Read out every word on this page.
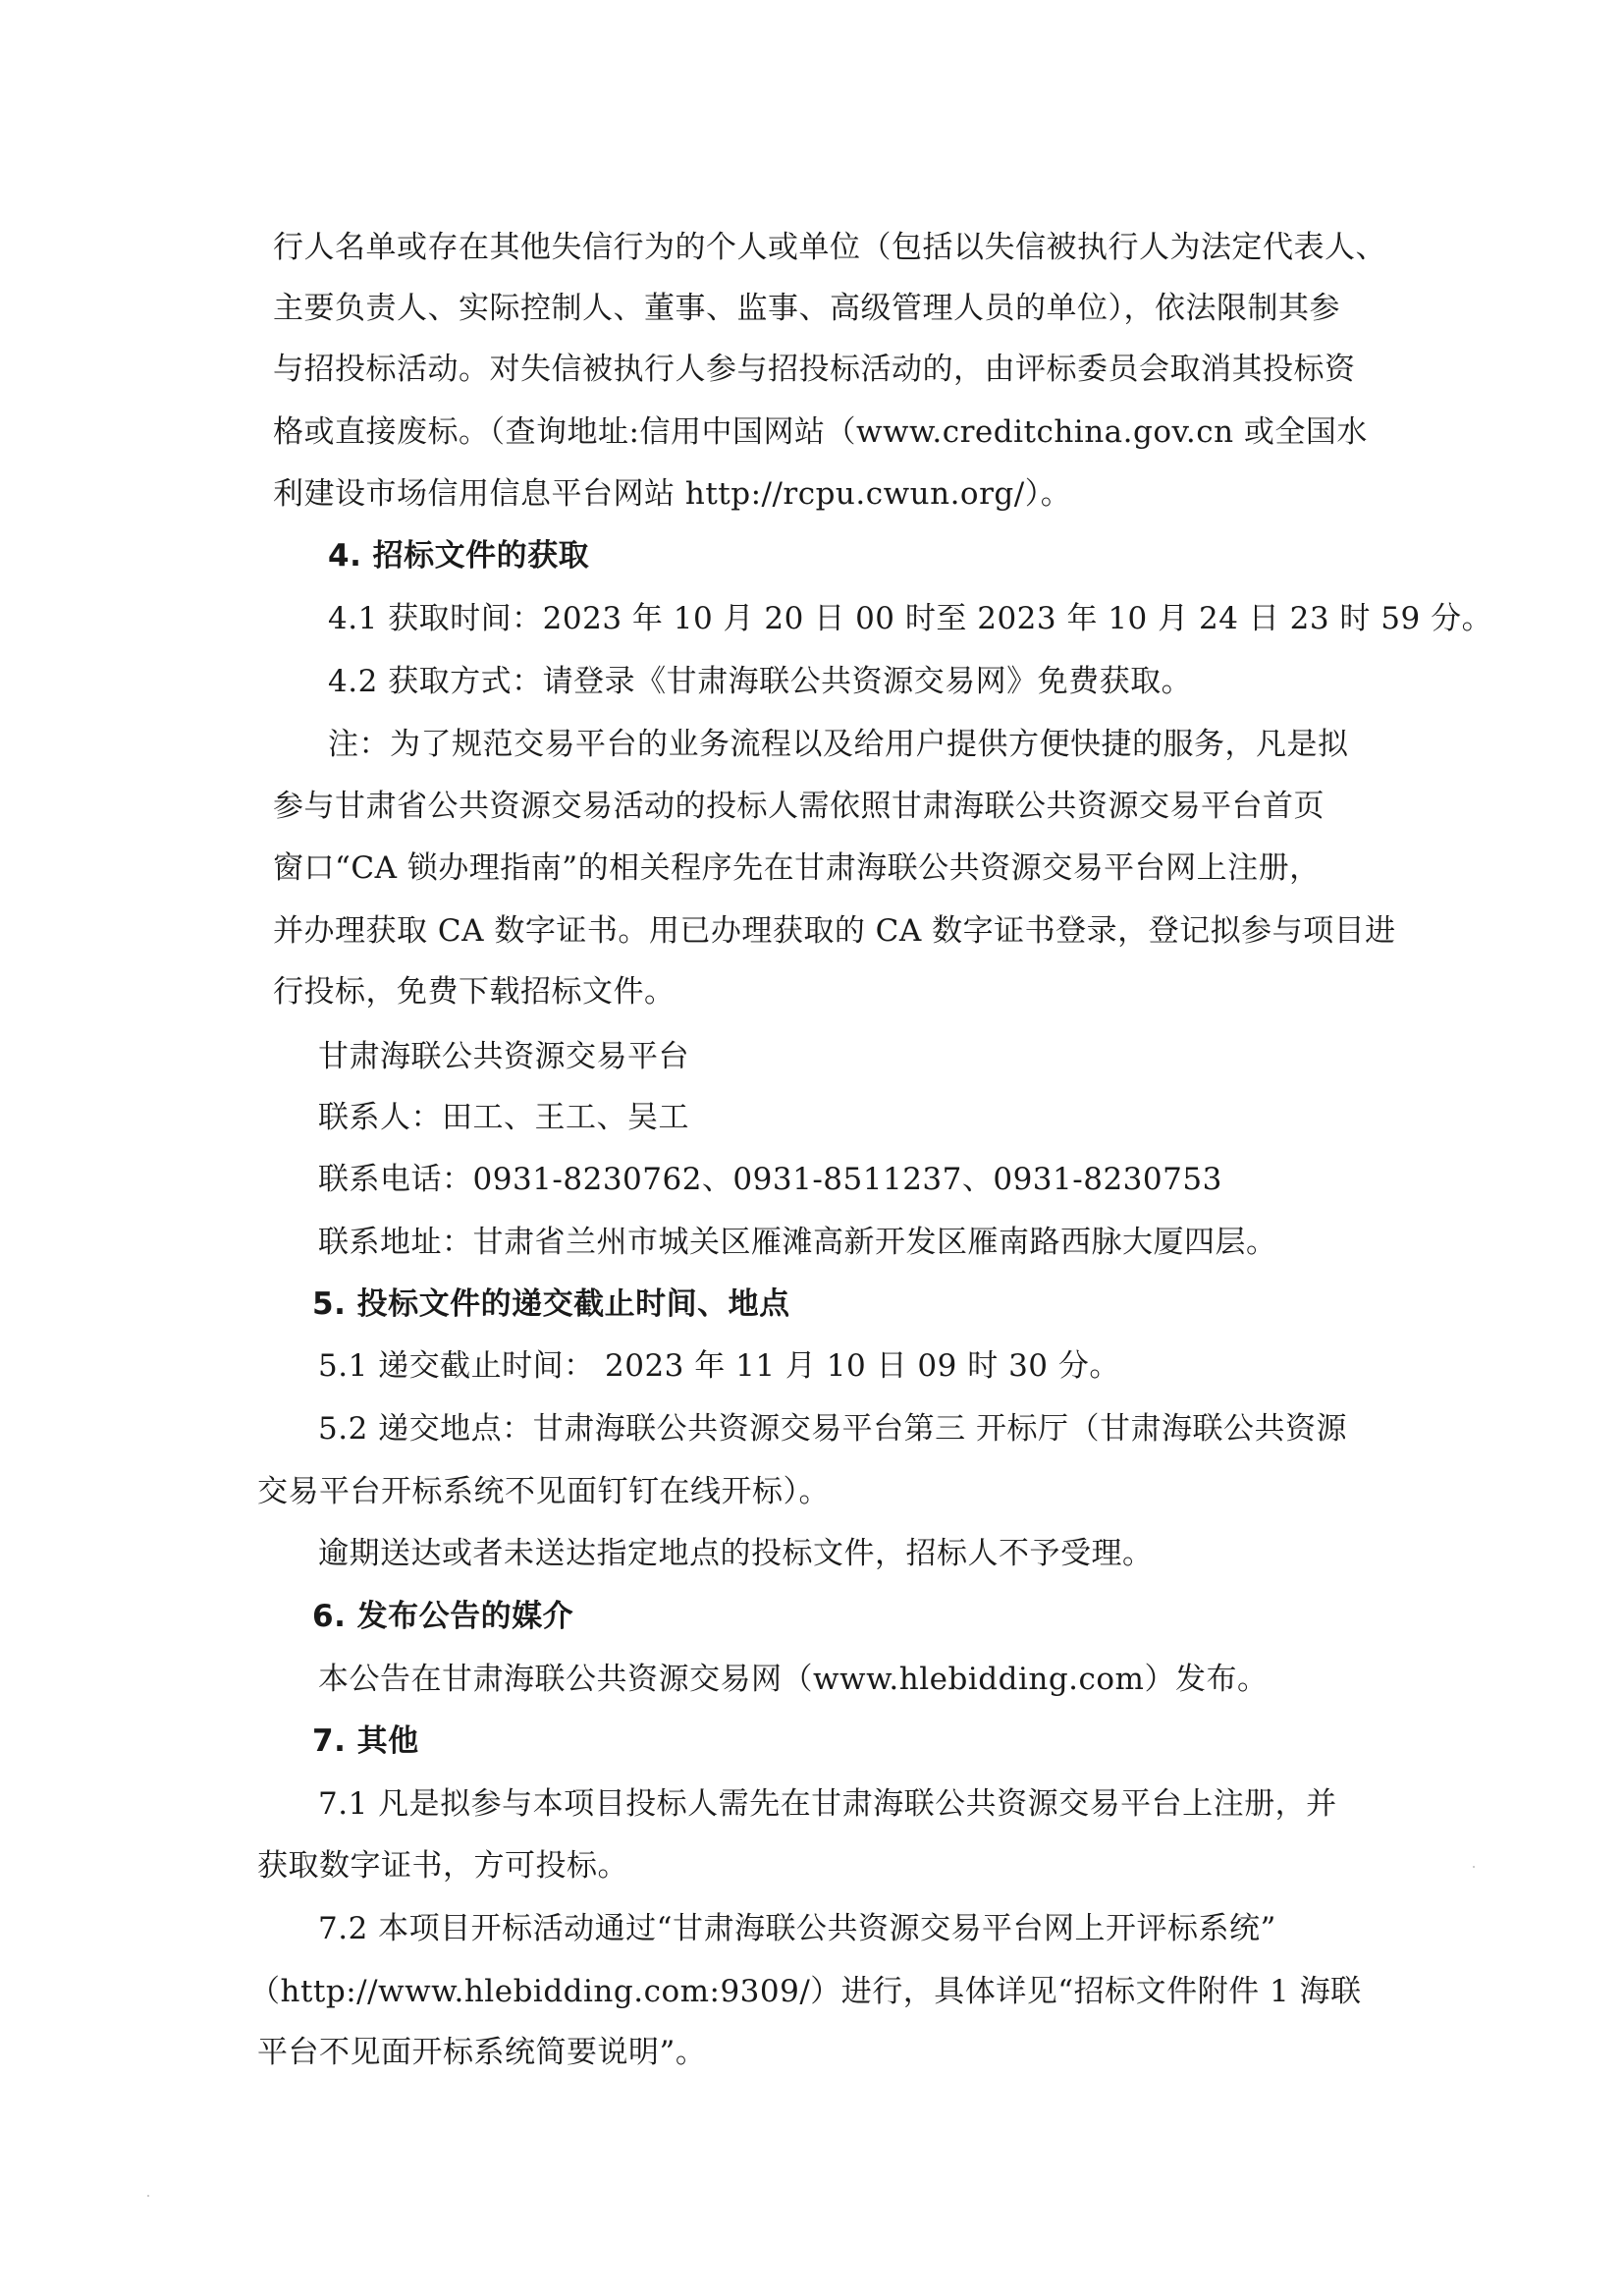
行人名单或存在其他失信行为的个人或单位（包括以失信被执行人为法定代表人、
主要负责人、实际控制人、董事、监事、高级管理人员的单位），依法限制其参
与招投标活动。对失信被执行人参与招投标活动的，由评标委员会取消其投标资
格或直接废标。（查询地址:信用中国网站（www.creditchina.gov.cn 或全国水
利建设市场信用信息平台网站 http://rcpu.cwun.org/）。
4. 招标文件的获取
4.1 获取时间：2023 年 10 月 20 日 00 时至 2023 年 10 月 24 日 23 时 59 分。
4.2 获取方式：请登录《甘肃海联公共资源交易网》免费获取。
注：为了规范交易平台的业务流程以及给用户提供方便快捷的服务，凡是拟
参与甘肃省公共资源交易活动的投标人需依照甘肃海联公共资源交易平台首页
窗口“CA 锁办理指南”的相关程序先在甘肃海联公共资源交易平台网上注册，
并办理获取 CA 数字证书。用已办理获取的 CA 数字证书登录，登记拟参与项目进
行投标，免费下载招标文件。
甘肃海联公共资源交易平台
联系人：田工、王工、吴工
联系电话：0931-8230762、0931-8511237、0931-8230753
联系地址：甘肃省兰州市城关区雁滩高新开发区雁南路西脉大厦四层。
5. 投标文件的递交截止时间、地点
5.1 递交截止时间： 2023 年 11 月 10 日 09 时 30 分。
5.2 递交地点：甘肃海联公共资源交易平台第三 开标厅（甘肃海联公共资源
交易平台开标系统不见面钉钉在线开标）。
逾期送达或者未送达指定地点的投标文件，招标人不予受理。
6. 发布公告的媒介
本公告在甘肃海联公共资源交易网（www.hlebidding.com）发布。
7. 其他
7.1 凡是拟参与本项目投标人需先在甘肃海联公共资源交易平台上注册，并
获取数字证书，方可投标。
7.2 本项目开标活动通过“甘肃海联公共资源交易平台网上开评标系统”
（http://www.hlebidding.com:9309/）进行，具体详见“招标文件附件 1 海联
平台不见面开标系统简要说明”。
